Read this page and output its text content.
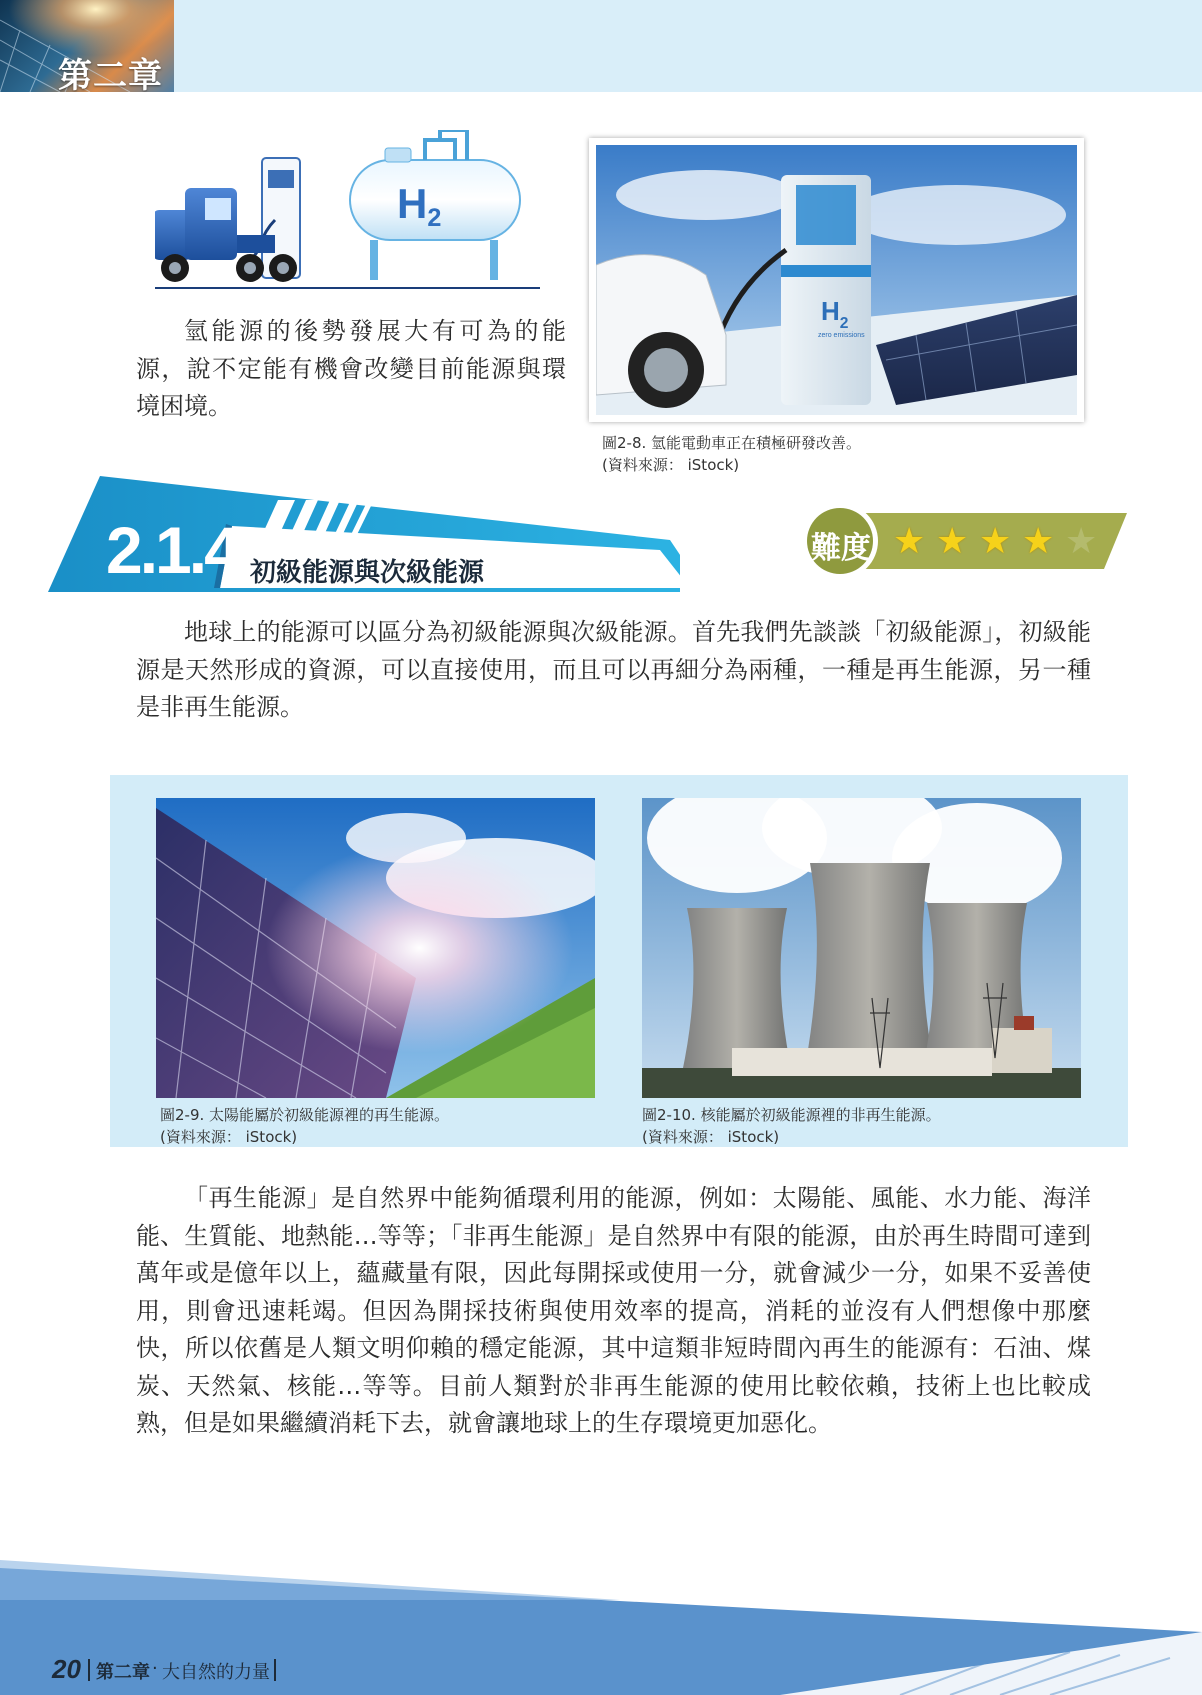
第二章
H2

氫能源的後勢發展大有可為的能源，說不定能有機會改變目前能源與環境困境。

$H_2$
zero emissions

圖2-8. 氫能電動車正在積極研發改善。
(資料來源： iStock)

2.1.4 初級能源與次級能源
難度 ★ ★ ★ ★ ★

地球上的能源可以區分為初級能源與次級能源。首先我們先談談「初級能源」，初級能源是天然形成的資源，可以直接使用，而且可以再細分為兩種，一種是再生能源，另一種是非再生能源。

圖2-9. 太陽能屬於初級能源裡的再生能源。
(資料來源： iStock)

圖2-10. 核能屬於初級能源裡的非再生能源。
(資料來源： iStock)

「再生能源」是自然界中能夠循環利用的能源，例如：太陽能、風能、水力能、海洋能、生質能、地熱能…等等；「非再生能源」是自然界中有限的能源，由於再生時間可達到萬年或是億年以上，蘊藏量有限，因此每開採或使用一分，就會減少一分，如果不妥善使用，則會迅速耗竭。但因為開採技術與使用效率的提高，消耗的並沒有人們想像中那麼快，所以依舊是人類文明仰賴的穩定能源，其中這類非短時間內再生的能源有：石油、煤炭、天然氣、核能…等等。目前人類對於非再生能源的使用比較依賴，技術上也比較成熟，但是如果繼續消耗下去，就會讓地球上的生存環境更加惡化。

20 第二章 · 大自然的力量
